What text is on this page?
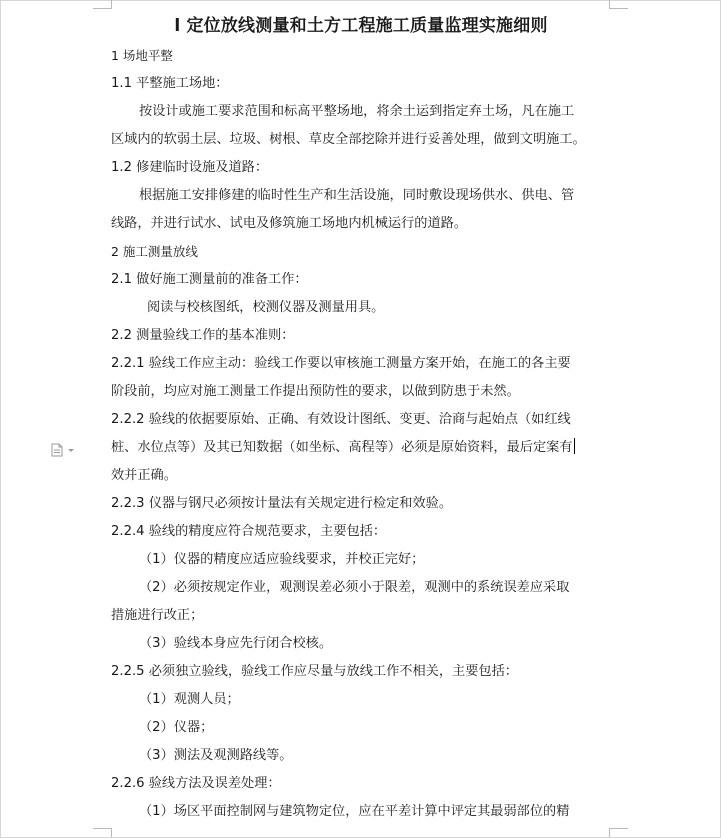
l 定位放线测量和土方工程施工质量监理实施细则
1 场地平整
1.1 平整施工场地：
按设计或施工要求范围和标高平整场地，将余土运到指定弃土场，凡在施工
区域内的软弱土层、垃圾、树根、草皮全部挖除并进行妥善处理，做到文明施工。
1.2 修建临时设施及道路：
根据施工安排修建的临时性生产和生活设施，同时敷设现场供水、供电、管
线路，并进行试水、试电及修筑施工场地内机械运行的道路。
2 施工测量放线
2.1 做好施工测量前的准备工作：
阅读与校核图纸，校测仪器及测量用具。
2.2 测量验线工作的基本准则：
2.2.1 验线工作应主动：验线工作要以审核施工测量方案开始，在施工的各主要
阶段前，均应对施工测量工作提出预防性的要求，以做到防患于未然。
2.2.2 验线的依据要原始、正确、有效设计图纸、变更、洽商与起始点（如红线
桩、水位点等）及其已知数据（如坐标、高程等）必须是原始资料，最后定案有
效并正确。
2.2.3 仪器与钢尺必须按计量法有关规定进行检定和效验。
2.2.4 验线的精度应符合规范要求，主要包括：
（1）仪器的精度应适应验线要求，并校正完好；
（2）必须按规定作业，观测误差必须小于限差，观测中的系统误差应采取
措施进行改正；
（3）验线本身应先行闭合校核。
2.2.5 必须独立验线，验线工作应尽量与放线工作不相关，主要包括：
（1）观测人员；
（2）仪器；
（3）测法及观测路线等。
2.2.6 验线方法及误差处理：
（1）场区平面控制网与建筑物定位，应在平差计算中评定其最弱部位的精
